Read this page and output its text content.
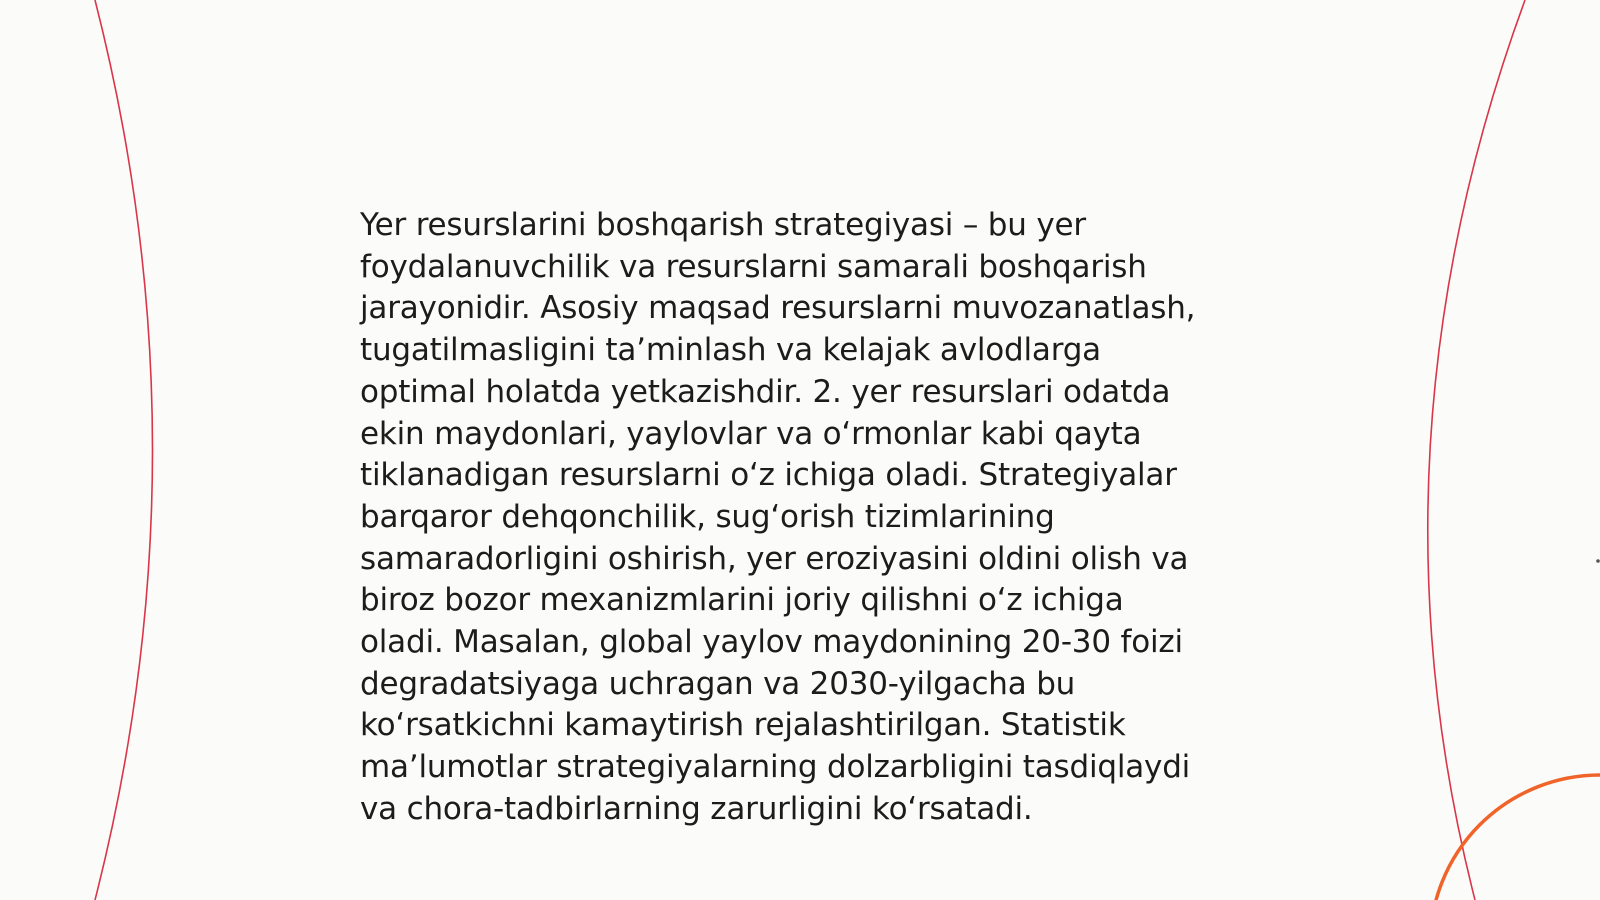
Yer resurslarini boshqarish strategiyasi – bu yer
foydalanuvchilik va resurslarni samarali boshqarish
jarayonidir. Asosiy maqsad resurslarni muvozanatlash,
tugatilmasligini ta’minlash va kelajak avlodlarga
optimal holatda yetkazishdir. 2. yer resurslari odatda
ekin maydonlari, yaylovlar va o‘rmonlar kabi qayta
tiklanadigan resurslarni o‘z ichiga oladi. Strategiyalar
barqaror dehqonchilik, sug‘orish tizimlarining
samaradorligini oshirish, yer eroziyasini oldini olish va
biroz bozor mexanizmlarini joriy qilishni o‘z ichiga
oladi. Masalan, global yaylov maydonining 20-30 foizi
degradatsiyaga uchragan va 2030-yilgacha bu
ko‘rsatkichni kamaytirish rejalashtirilgan. Statistik
ma’lumotlar strategiyalarning dolzarbligini tasdiqlaydi
va chora-tadbirlarning zarurligini ko‘rsatadi.
